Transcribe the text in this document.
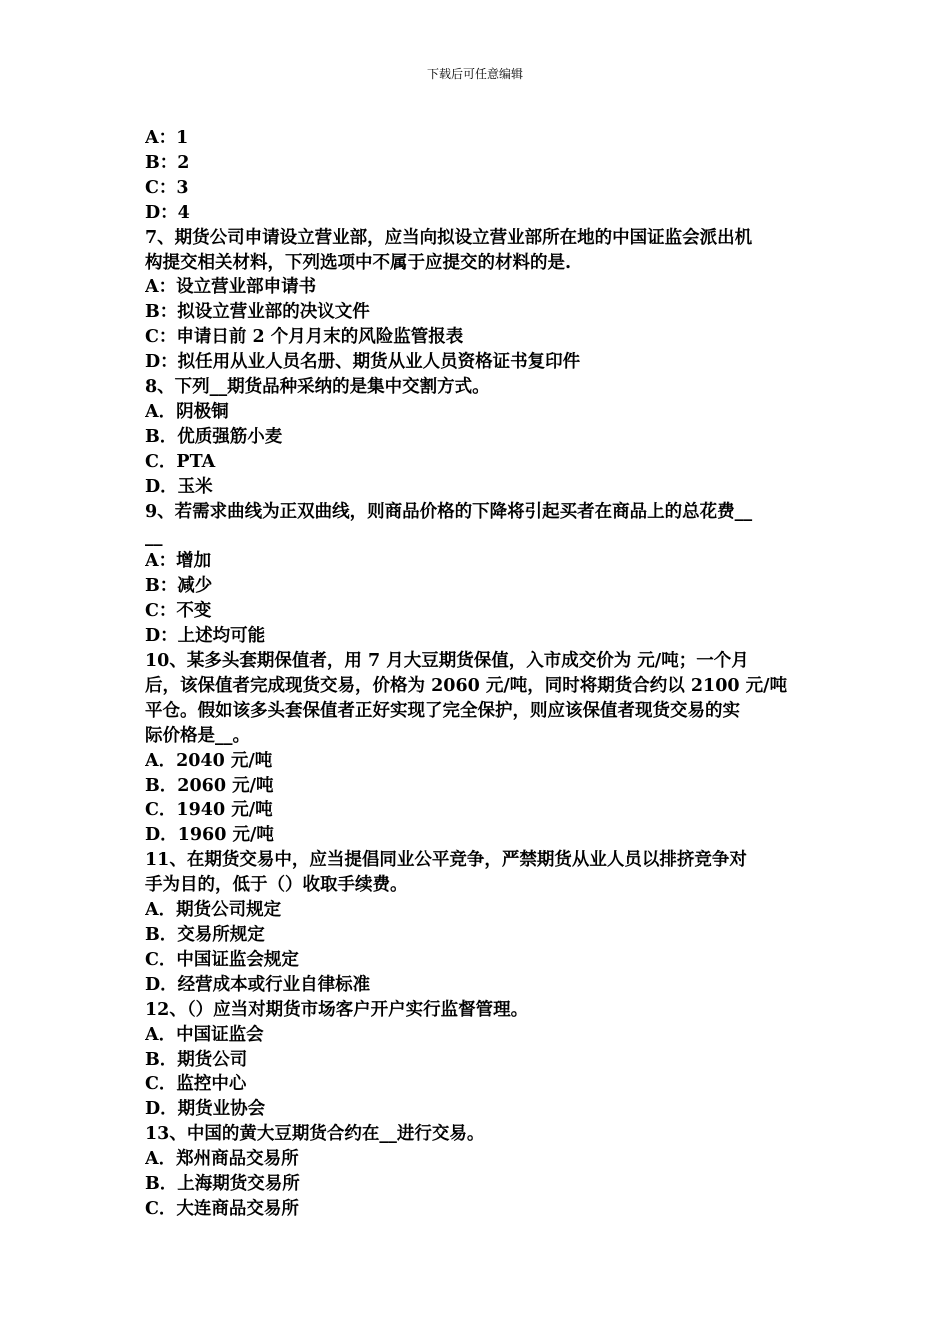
下载后可任意编辑
A：1
B：2
C：3
D：4
7、期货公司申请设立营业部，应当向拟设立营业部所在地的中国证监会派出机
构提交相关材料，下列选项中不属于应提交的材料的是.
A：设立营业部申请书
B：拟设立营业部的决议文件
C：申请日前 2 个月月末的风险监管报表
D：拟任用从业人员名册、期货从业人员资格证书复印件
8、下列__期货品种采纳的是集中交割方式。
A．阴极铜
B．优质强筋小麦
C．PTA
D．玉米
9、若需求曲线为正双曲线，则商品价格的下降将引起买者在商品上的总花费__
__
A：增加
B：减少
C：不变
D：上述均可能
10、某多头套期保值者，用 7 月大豆期货保值，入市成交价为 元/吨；一个月
后，该保值者完成现货交易，价格为 2060 元/吨，同时将期货合约以 2100 元/吨
平仓。假如该多头套保值者正好实现了完全保护，则应该保值者现货交易的实
际价格是__。
A．2040 元/吨
B．2060 元/吨
C．1940 元/吨
D．1960 元/吨
11、在期货交易中，应当提倡同业公平竞争，严禁期货从业人员以排挤竞争对
手为目的，低于（）收取手续费。
A．期货公司规定
B．交易所规定
C．中国证监会规定
D．经营成本或行业自律标准
12、（）应当对期货市场客户开户实行监督管理。
A．中国证监会
B．期货公司
C．监控中心
D．期货业协会
13、中国的黄大豆期货合约在__进行交易。
A．郑州商品交易所
B．上海期货交易所
C．大连商品交易所
